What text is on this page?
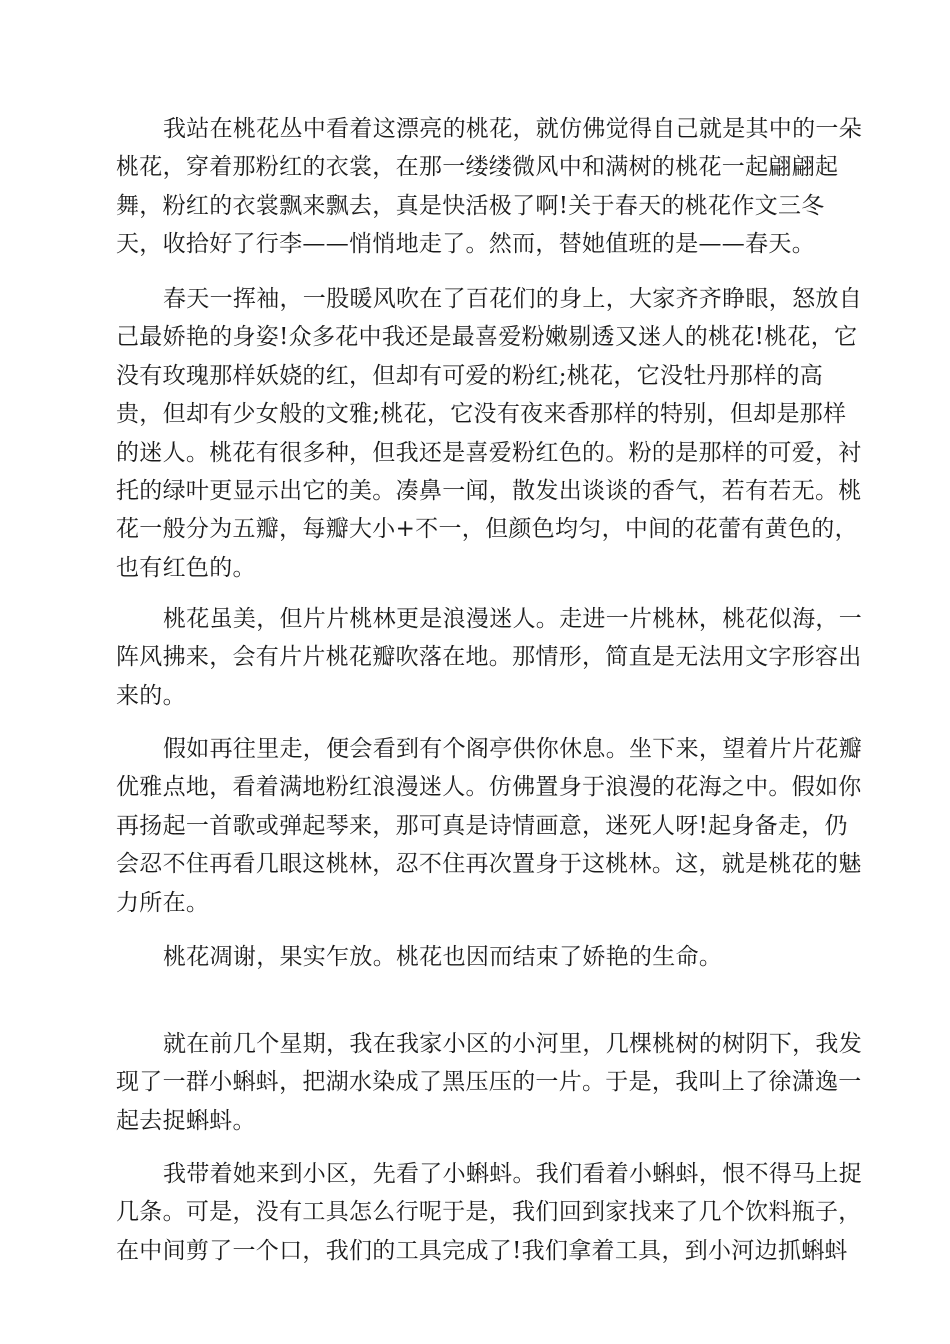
我站在桃花丛中看着这漂亮的桃花，就仿佛觉得自己就是其中的一朵
桃花，穿着那粉红的衣裳，在那一缕缕微风中和满树的桃花一起翩翩起
舞，粉红的衣裳飘来飘去，真是快活极了啊!关于春天的桃花作文三冬
天，收拾好了行李——悄悄地走了。然而，替她值班的是——春天。

春天一挥袖，一股暖风吹在了百花们的身上，大家齐齐睁眼，怒放自
己最娇艳的身姿!众多花中我还是最喜爱粉嫩剔透又迷人的桃花!桃花，它
没有玫瑰那样妖娆的红，但却有可爱的粉红;桃花，它没牡丹那样的高
贵，但却有少女般的文雅;桃花，它没有夜来香那样的特别，但却是那样
的迷人。桃花有很多种，但我还是喜爱粉红色的。粉的是那样的可爱，衬
托的绿叶更显示出它的美。凑鼻一闻，散发出谈谈的香气，若有若无。桃
花一般分为五瓣，每瓣大小+不一，但颜色均匀，中间的花蕾有黄色的，
也有红色的。

桃花虽美，但片片桃林更是浪漫迷人。走进一片桃林，桃花似海，一
阵风拂来，会有片片桃花瓣吹落在地。那情形，简直是无法用文字形容出
来的。

假如再往里走，便会看到有个阁亭供你休息。坐下来，望着片片花瓣
优雅点地，看着满地粉红浪漫迷人。仿佛置身于浪漫的花海之中。假如你
再扬起一首歌或弹起琴来，那可真是诗情画意，迷死人呀!起身备走，仍
会忍不住再看几眼这桃林，忍不住再次置身于这桃林。这，就是桃花的魅
力所在。

桃花凋谢，果实乍放。桃花也因而结束了娇艳的生命。

就在前几个星期，我在我家小区的小河里，几棵桃树的树阴下，我发
现了一群小蝌蚪，把湖水染成了黑压压的一片。于是，我叫上了徐潇逸一
起去捉蝌蚪。

我带着她来到小区，先看了小蝌蚪。我们看着小蝌蚪，恨不得马上捉
几条。可是，没有工具怎么行呢于是，我们回到家找来了几个饮料瓶子，
在中间剪了一个口，我们的工具完成了!我们拿着工具，到小河边抓蝌蚪
